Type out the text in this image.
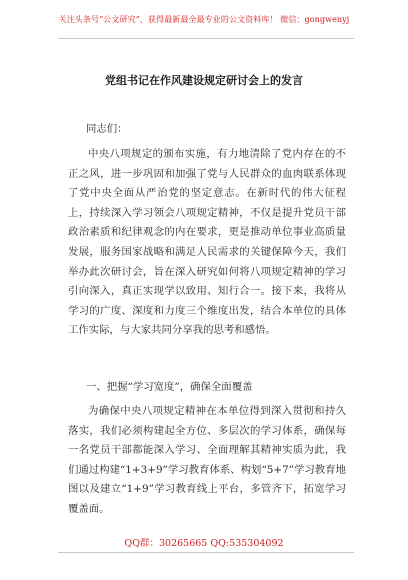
关注头条号“公文研究”，获得最新最全最专业的公文资料库！ 微信：gongwenyj
党组书记在作风建设规定研讨会上的发言
同志们：
中央八项规定的颁布实施，有力地清除了党内存在的不正之风，进一步巩固和加强了党与人民群众的血肉联系体现了党中央全面从严治党的坚定意志。在新时代的伟大征程上，持续深入学习领会八项规定精神，不仅是提升党员干部政治素质和纪律观念的内在要求，更是推动单位事业高质量发展，服务国家战略和满足人民需求的关键保障今天，我们举办此次研讨会，旨在深入研究如何将八项规定精神的学习引向深入，真正实现学以致用、知行合一。接下来，我将从学习的广度、深度和力度三个维度出发，结合本单位的具体工作实际，与大家共同分享我的思考和感悟。
一、把握“学习宽度”，确保全面覆盖
为确保中央八项规定精神在本单位得到深入贯彻和持久落实，我们必须构建起全方位、多层次的学习体系，确保每一名党员干部都能深入学习、全面理解其精神实质为此，我们通过构建“1+3+9”学习教育体系、构划“5+7”学习教育地图以及建立“1+9”学习教育线上平台，多管齐下，拓宽学习覆盖面。
QQ群：30265665 QQ:535304092
